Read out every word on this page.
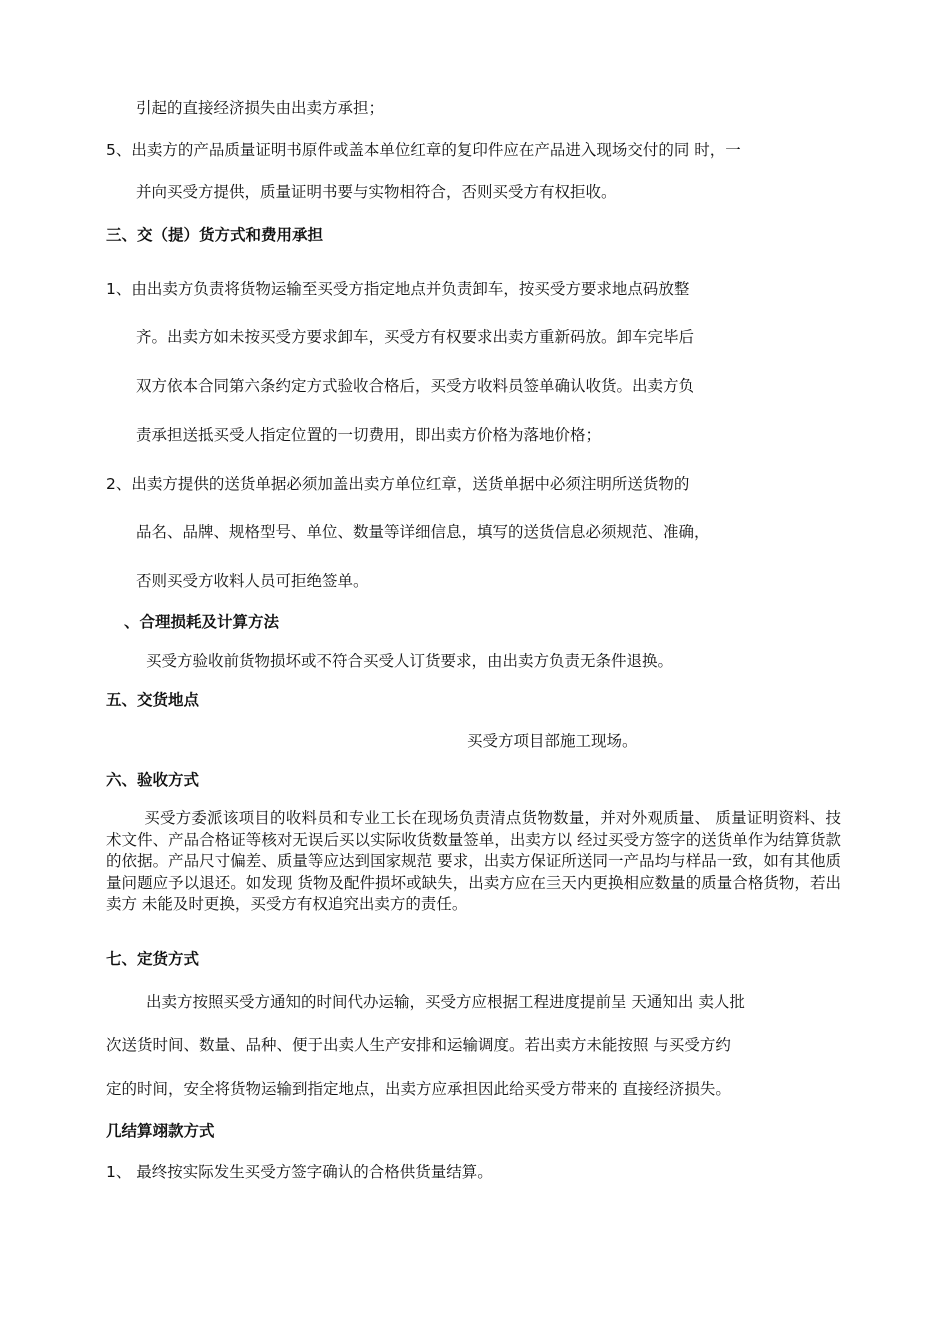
引起的直接经济损失由出卖方承担；
5、出卖方的产品质量证明书原件或盖本单位红章的复印件应在产品进入现场交付的同 时，一
并向买受方提供，质量证明书要与实物相符合，否则买受方有权拒收。
三、交（提）货方式和费用承担
1、由出卖方负责将货物运输至买受方指定地点并负责卸车，按买受方要求地点码放整
齐。出卖方如未按买受方要求卸车，买受方有权要求出卖方重新码放。卸车完毕后
双方依本合同第六条约定方式验收合格后，买受方收料员签单确认收货。出卖方负
责承担送抵买受人指定位置的一切费用，即出卖方价格为落地价格；
2、出卖方提供的送货单据必须加盖出卖方单位红章，送货单据中必须注明所送货物的
品名、品牌、规格型号、单位、数量等详细信息，填写的送货信息必须规范、准确，
否则买受方收料人员可拒绝签单。
、合理损耗及计算方法
买受方验收前货物损坏或不符合买受人订货要求，由出卖方负责无条件退换。
五、交货地点
买受方项目部施工现场。
六、验收方式
买受方委派该项目的收料员和专业工长在现场负责清点货物数量，并对外观质量、 质量证明资料、技术文件、产品合格证等核对无误后买以实际收货数量签单，出卖方以 经过买受方签字的送货单作为结算货款的依据。产品尺寸偏差、质量等应达到国家规范 要求，出卖方保证所送同一产品均与样品一致，如有其他质量问题应予以退还。如发现 货物及配件损坏或缺失，出卖方应在亖天内更换相应数量的质量合格货物，若出卖方 未能及时更换，买受方有权追究出卖方的责任。
七、定货方式
出卖方按照买受方通知的时间代办运输，买受方应根据工程进度提前呈 天通知出 卖人批
次送货时间、数量、品种、便于出卖人生产安排和运输调度。若出卖方未能按照 与买受方约
定的时间，安全将货物运输到指定地点，出卖方应承担因此给买受方带来的 直接经济损失。
几结算翊款方式
1、 最终按实际发生买受方签字确认的合格供货量结算。
